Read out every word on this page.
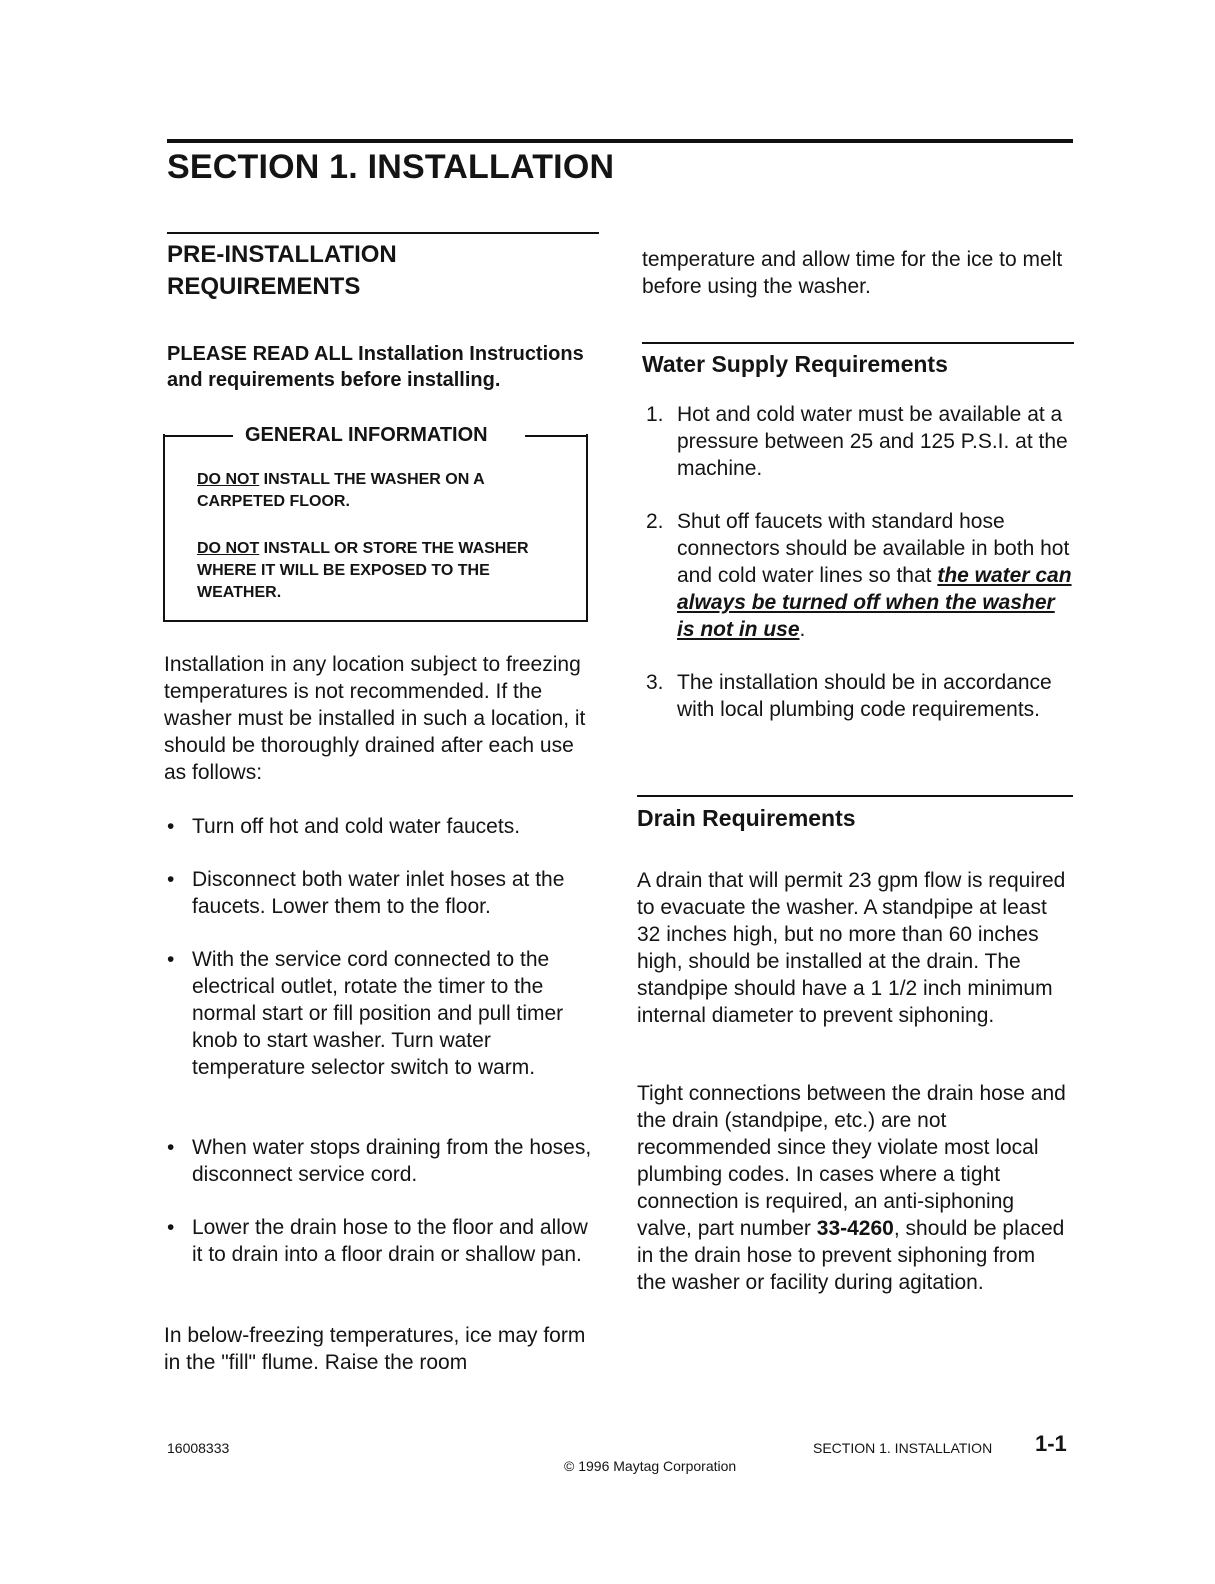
SECTION 1. INSTALLATION

PRE-INSTALLATION

REQUIREMENTS

PLEASE READ ALL Installation Instructions and requirements before installing.

GENERAL INFORMATION

DO NOT INSTALL THE WASHER ON A CARPETED FLOOR.

DO NOT INSTALL OR STORE THE WASHER WHERE IT WILL BE EXPOSED TO THE WEATHER.

Installation in any location subject to freezing temperatures is not recommended. If the washer must be installed in such a location, it should be thoroughly drained after each use as follows:

• Turn off hot and cold water faucets.
• Disconnect both water inlet hoses at the faucets. Lower them to the floor.
• With the service cord connected to the electrical outlet, rotate the timer to the normal start or fill position and pull timer knob to start washer. Turn water temperature selector switch to warm.
• When water stops draining from the hoses, disconnect service cord.
• Lower the drain hose to the floor and allow it to drain into a floor drain or shallow pan.

In below-freezing temperatures, ice may form in the "fill" flume. Raise the room

temperature and allow time for the ice to melt before using the washer.

Water Supply Requirements
1. Hot and cold water must be available at a pressure between 25 and 125 P.S.I. at the machine.
2. Shut off faucets with standard hose connectors should be available in both hot and cold water lines so that the water can always be turned off when the washer is not in use.
3. The installation should be in accordance with local plumbing code requirements.
Drain Requirements

A drain that will permit 23 gpm flow is required to evacuate the washer. A standpipe at least 32 inches high, but no more than 60 inches high, should be installed at the drain. The standpipe should have a 1 1/2 inch minimum internal diameter to prevent siphoning.

Tight connections between the drain hose and the drain (standpipe, etc.) are not recommended since they violate most local plumbing codes. In cases where a tight connection is required, an anti-siphoning valve, part number 33-4260, should be placed in the drain hose to prevent siphoning from the washer or facility during agitation.

16008333

© 1996 Maytag Corporation

SECTION 1. INSTALLATION 1-1
